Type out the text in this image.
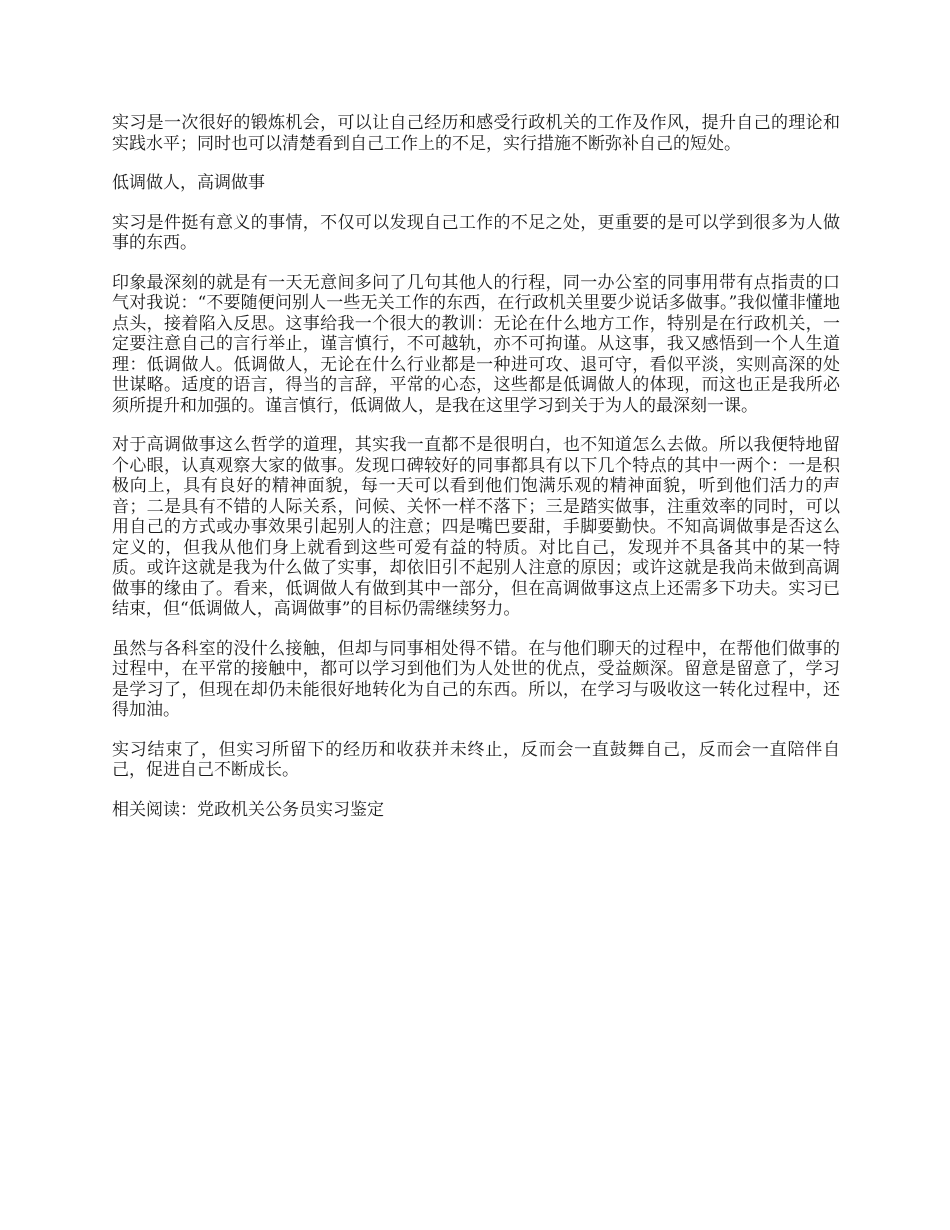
实习是一次很好的锻炼机会，可以让自己经历和感受行政机关的工作及作风，提升自己的理论和实践水平；同时也可以清楚看到自己工作上的不足，实行措施不断弥补自己的短处。

低调做人，高调做事

实习是件挺有意义的事情，不仅可以发现自己工作的不足之处，更重要的是可以学到很多为人做事的东西。

印象最深刻的就是有一天无意间多问了几句其他人的行程，同一办公室的同事用带有点指责的口气对我说：“不要随便问别人一些无关工作的东西，在行政机关里要少说话多做事。”我似懂非懂地点头，接着陷入反思。这事给我一个很大的教训：无论在什么地方工作，特别是在行政机关，一定要注意自己的言行举止，谨言慎行，不可越轨，亦不可拘谨。从这事，我又感悟到一个人生道理：低调做人。低调做人，无论在什么行业都是一种进可攻、退可守，看似平淡，实则高深的处世谋略。适度的语言，得当的言辞，平常的心态，这些都是低调做人的体现，而这也正是我所必须所提升和加强的。谨言慎行，低调做人，是我在这里学习到关于为人的最深刻一课。

对于高调做事这么哲学的道理，其实我一直都不是很明白，也不知道怎么去做。所以我便特地留个心眼，认真观察大家的做事。发现口碑较好的同事都具有以下几个特点的其中一两个：一是积极向上，具有良好的精神面貌，每一天可以看到他们饱满乐观的精神面貌，听到他们活力的声音；二是具有不错的人际关系，问候、关怀一样不落下；三是踏实做事，注重效率的同时，可以用自己的方式或办事效果引起别人的注意；四是嘴巴要甜，手脚要勤快。不知高调做事是否这么定义的，但我从他们身上就看到这些可爱有益的特质。对比自己，发现并不具备其中的某一特质。或许这就是我为什么做了实事，却依旧引不起别人注意的原因；或许这就是我尚未做到高调做事的缘由了。看来，低调做人有做到其中一部分，但在高调做事这点上还需多下功夫。实习已结束，但“低调做人，高调做事”的目标仍需继续努力。

虽然与各科室的没什么接触，但却与同事相处得不错。在与他们聊天的过程中，在帮他们做事的过程中，在平常的接触中，都可以学习到他们为人处世的优点，受益颇深。留意是留意了，学习是学习了，但现在却仍未能很好地转化为自己的东西。所以，在学习与吸收这一转化过程中，还得加油。

实习结束了，但实习所留下的经历和收获并未终止，反而会一直鼓舞自己，反而会一直陪伴自己，促进自己不断成长。

相关阅读：党政机关公务员实习鉴定
